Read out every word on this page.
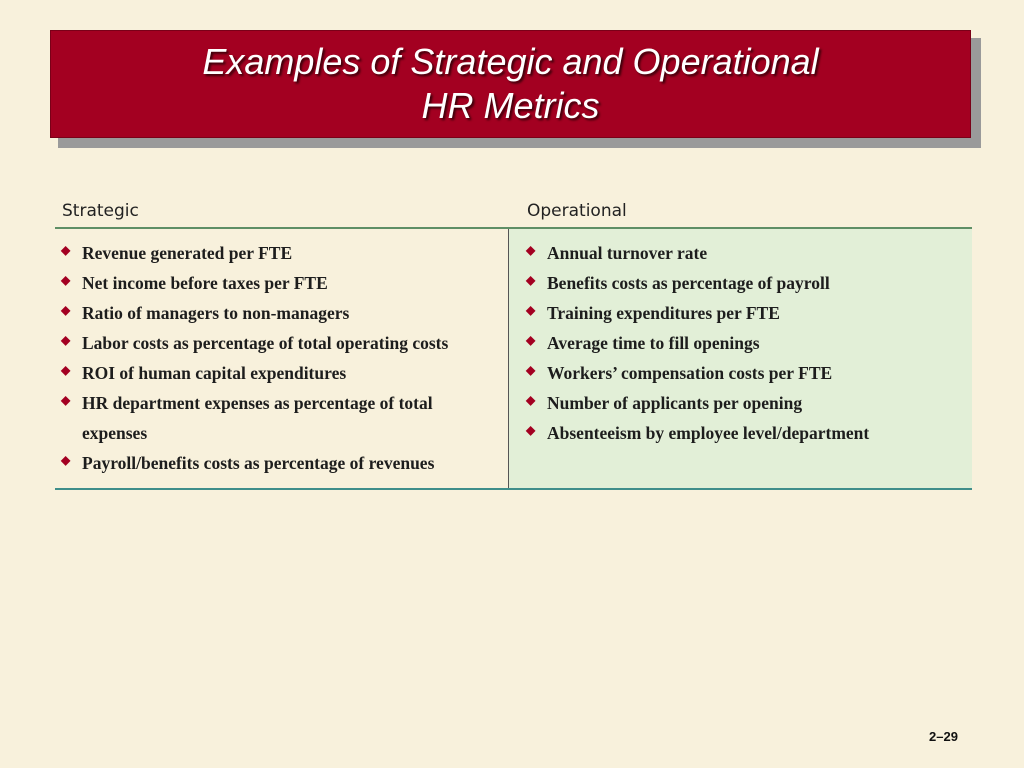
Examples of Strategic and Operational
HR Metrics
Strategic	Operational
◆ Revenue generated per FTE
◆ Net income before taxes per FTE
◆ Ratio of managers to non-managers
◆ Labor costs as percentage of total operating costs
◆ ROI of human capital expenditures
◆ HR department expenses as percentage of total expenses
◆ Payroll/benefits costs as percentage of revenues
◆ Annual turnover rate
◆ Benefits costs as percentage of payroll
◆ Training expenditures per FTE
◆ Average time to fill openings
◆ Workers’ compensation costs per FTE
◆ Number of applicants per opening
◆ Absenteeism by employee level/department
2–29
